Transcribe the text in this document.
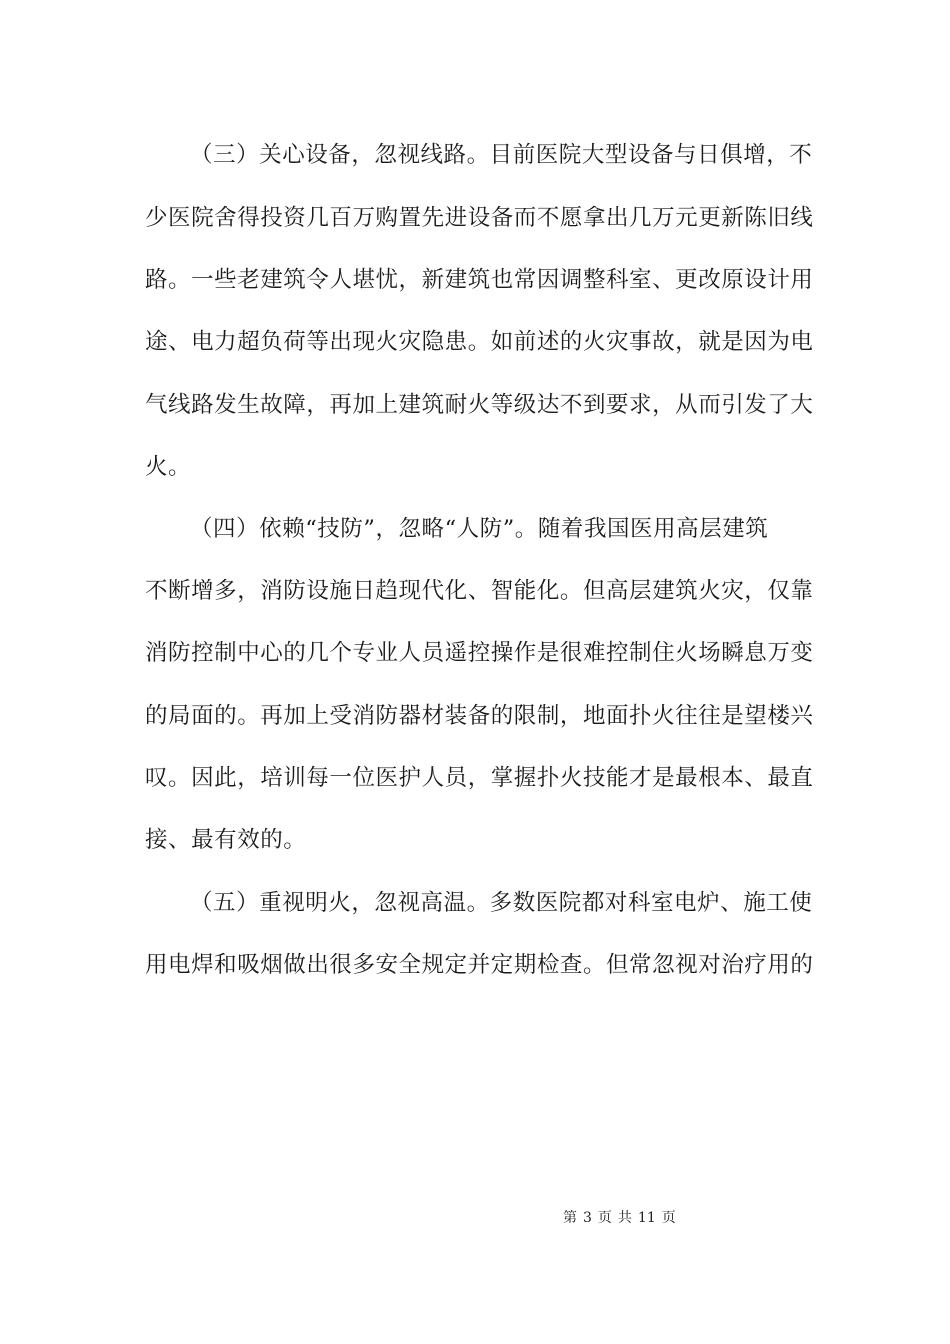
（三）关心设备，忽视线路。目前医院大型设备与日俱增，不
少医院舍得投资几百万购置先进设备而不愿拿出几万元更新陈旧线
路。一些老建筑令人堪忧，新建筑也常因调整科室、更改原设计用
途、电力超负荷等出现火灾隐患。如前述的火灾事故，就是因为电
气线路发生故障，再加上建筑耐火等级达不到要求，从而引发了大
火。
（四）依赖“技防”，忽略“人防”。随着我国医用高层建筑
不断增多，消防设施日趋现代化、智能化。但高层建筑火灾，仅靠
消防控制中心的几个专业人员遥控操作是很难控制住火场瞬息万变
的局面的。再加上受消防器材装备的限制，地面扑火往往是望楼兴
叹。因此，培训每一位医护人员，掌握扑火技能才是最根本、最直
接、最有效的。
（五）重视明火，忽视高温。多数医院都对科室电炉、施工使
用电焊和吸烟做出很多安全规定并定期检查。但常忽视对治疗用的
第 3 页 共 11 页
